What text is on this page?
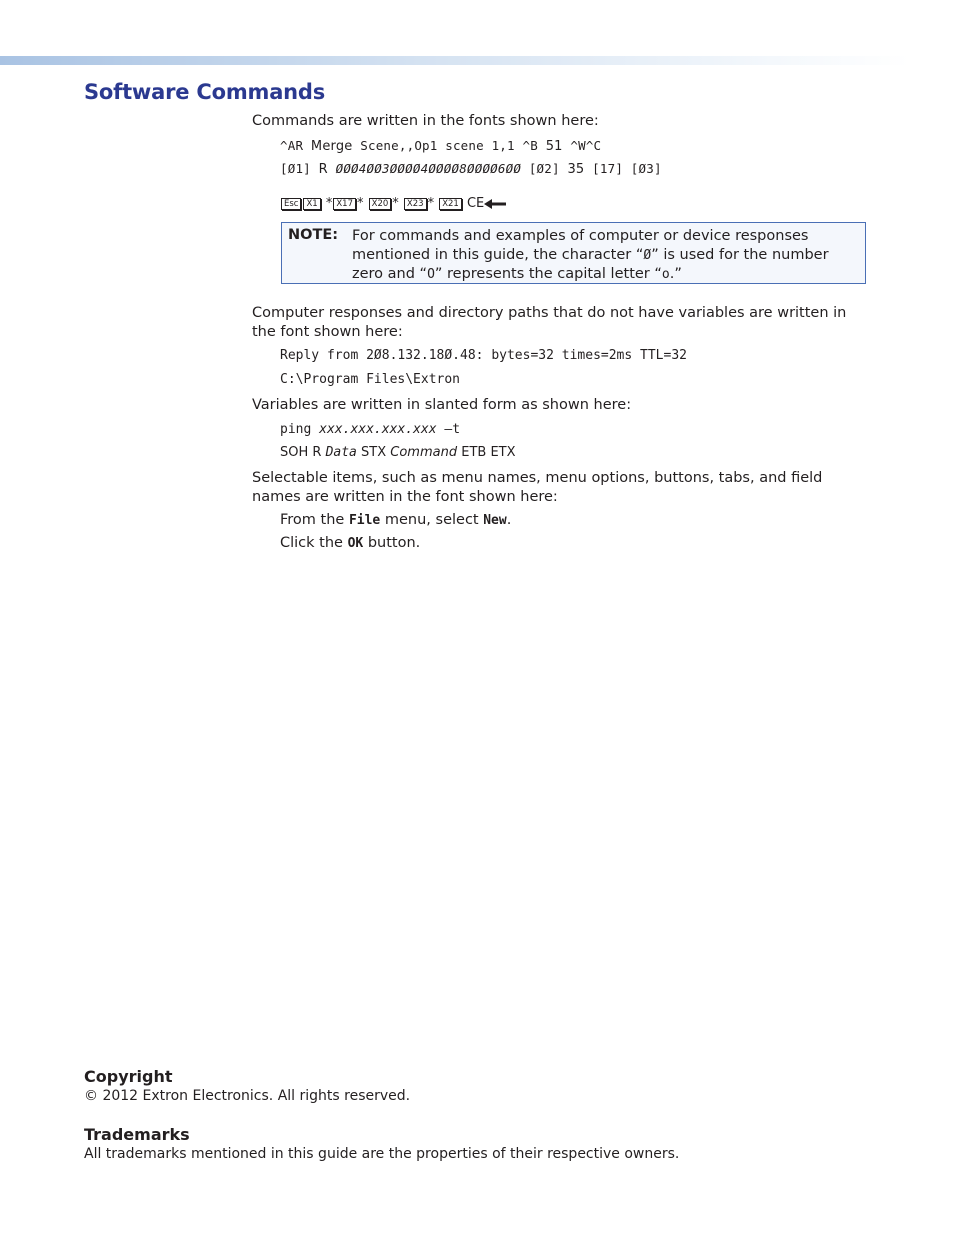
Software Commands
Commands are written in the fonts shown here:
^AR Merge Scene,,Op1 scene 1,1 ^B 51 ^W^C
[Ø1] R ØØØ4ØØ3ØØØØ4ØØØØ8ØØØØ6ØØ [Ø2] 35 [17] [Ø3]
Esc X1 * X17 * X20 * X23 * X21 CE
NOTE: For commands and examples of computer or device responses mentioned in this guide, the character “Ø” is used for the number zero and “O” represents the capital letter “o.”
Computer responses and directory paths that do not have variables are written in the font shown here:
Reply from 2Ø8.132.18Ø.48: bytes=32 times=2ms TTL=32
C:\Program Files\Extron
Variables are written in slanted form as shown here:
ping xxx.xxx.xxx.xxx —t
SOH R Data STX Command ETB ETX
Selectable items, such as menu names, menu options, buttons, tabs, and field names are written in the font shown here:
From the File menu, select New.
Click the OK button.
Copyright
© 2012 Extron Electronics. All rights reserved.
Trademarks
All trademarks mentioned in this guide are the properties of their respective owners.
